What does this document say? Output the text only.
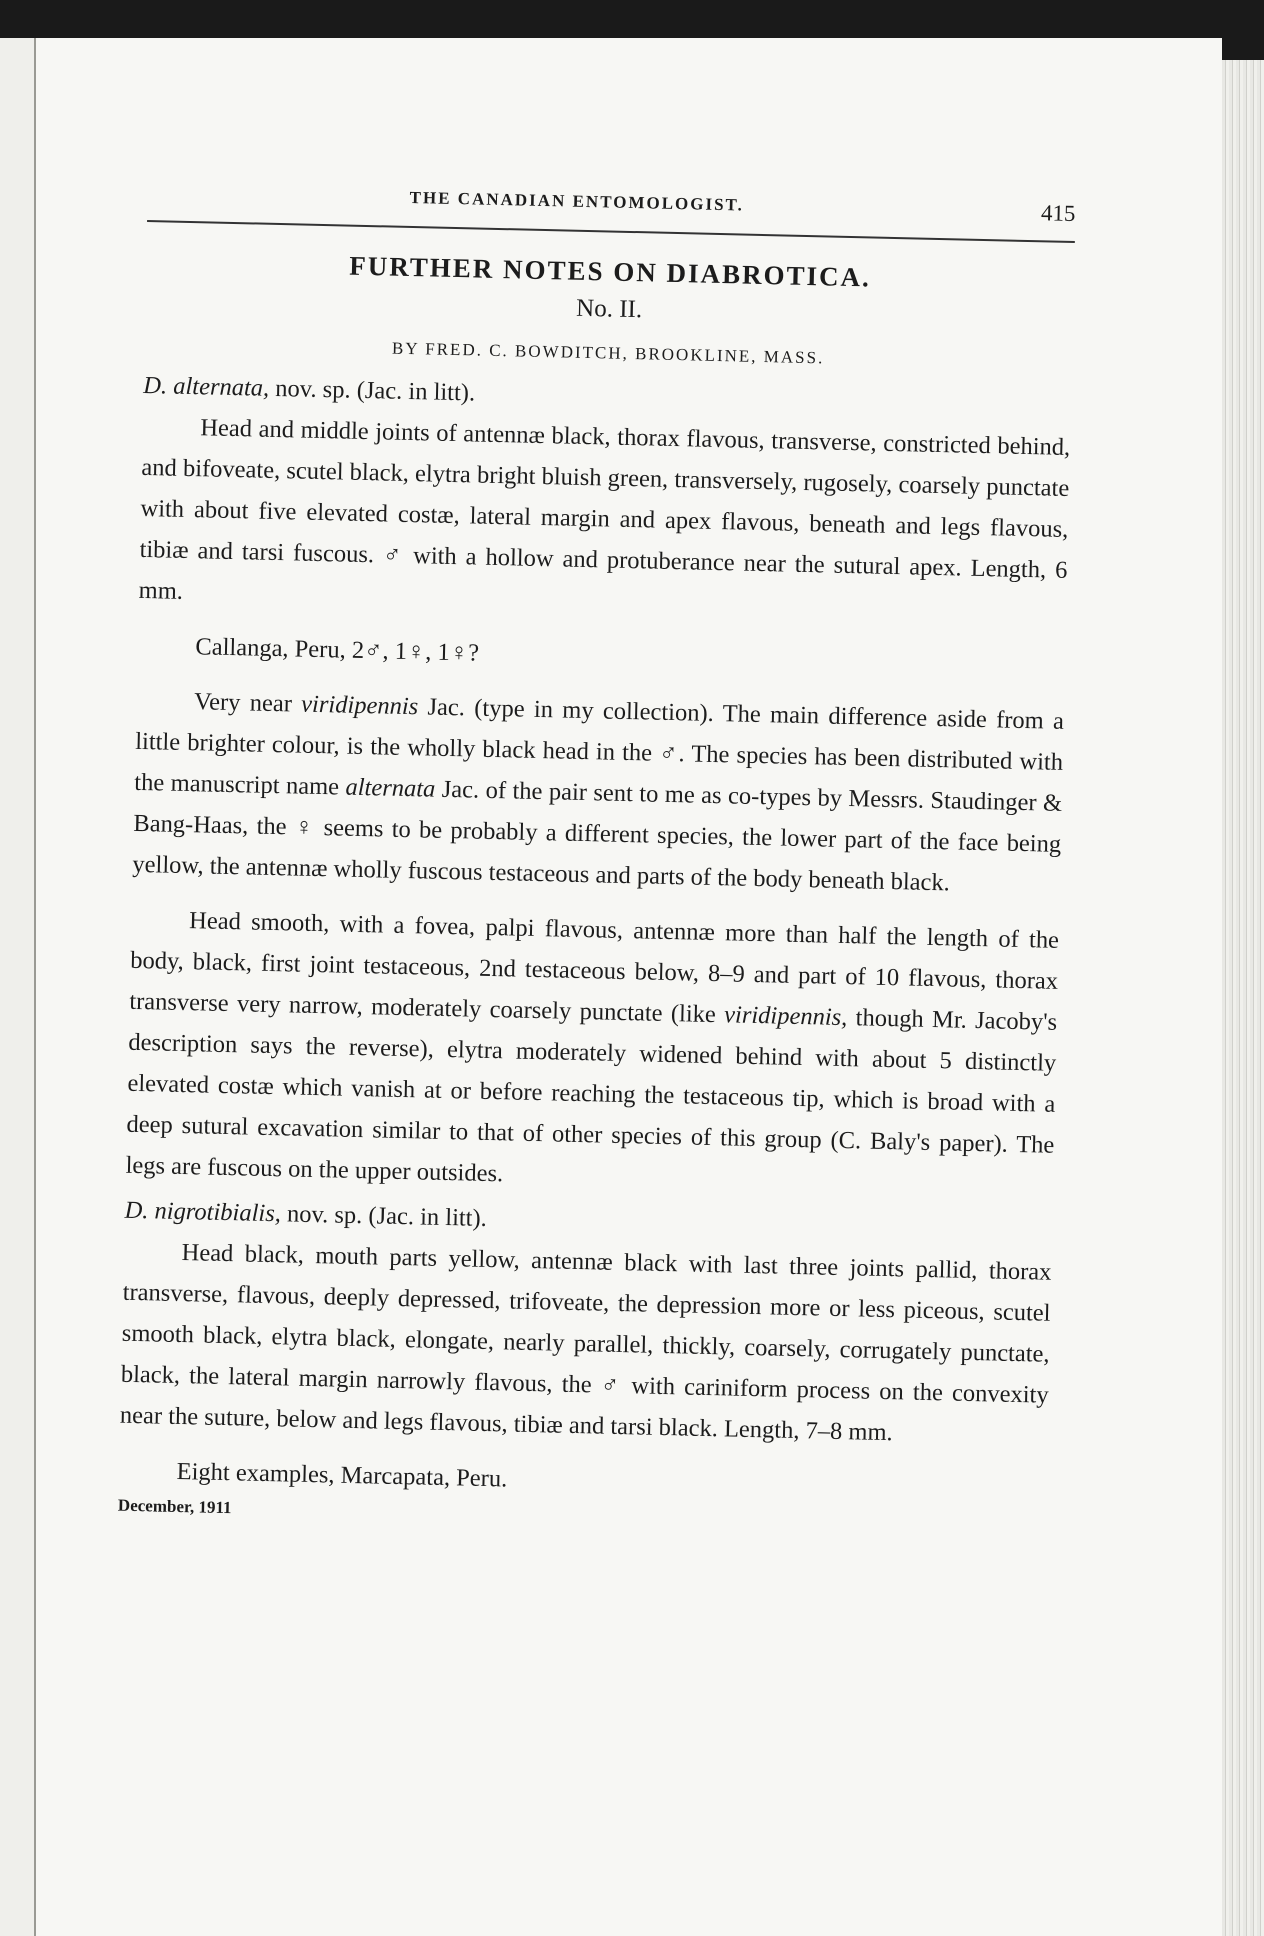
THE CANADIAN ENTOMOLOGIST.	415
FURTHER NOTES ON DIABROTICA.
No. II.
BY FRED. C. BOWDITCH, BROOKLINE, MASS.

D. alternata, nov. sp. (Jac. in litt).

Head and middle joints of antennæ black, thorax flavous, transverse, constricted behind, and bifoveate, scutel black, elytra bright bluish green, transversely, rugosely, coarsely punctate with about five elevated costæ, lateral margin and apex flavous, beneath and legs flavous, tibiæ and tarsi fuscous. ♂ with a hollow and protuberance near the sutural apex. Length, 6 mm.

Callanga, Peru, 2♂, 1♀, 1♀?

Very near viridipennis Jac. (type in my collection). The main difference aside from a little brighter colour, is the wholly black head in the ♂. The species has been distributed with the manuscript name alternata Jac. of the pair sent to me as co-types by Messrs. Staudinger & Bang-Haas, the ♀ seems to be probably a different species, the lower part of the face being yellow, the antennæ wholly fuscous testaceous and parts of the body beneath black.

Head smooth, with a fovea, palpi flavous, antennæ more than half the length of the body, black, first joint testaceous, 2nd testaceous below, 8–9 and part of 10 flavous, thorax transverse very narrow, moderately coarsely punctate (like viridipennis, though Mr. Jacoby's description says the reverse), elytra moderately widened behind with about 5 distinctly elevated costæ which vanish at or before reaching the testaceous tip, which is broad with a deep sutural excavation similar to that of other species of this group (C. Baly's paper). The legs are fuscous on the upper outsides.

D. nigrotibialis, nov. sp. (Jac. in litt).

Head black, mouth parts yellow, antennæ black with last three joints pallid, thorax transverse, flavous, deeply depressed, trifoveate, the depression more or less piceous, scutel smooth black, elytra black, elongate, nearly parallel, thickly, coarsely, corrugately punctate, black, the lateral margin narrowly flavous, the ♂ with cariniform process on the convexity near the suture, below and legs flavous, tibiæ and tarsi black. Length, 7–8 mm.

Eight examples, Marcapata, Peru.

December, 1911
